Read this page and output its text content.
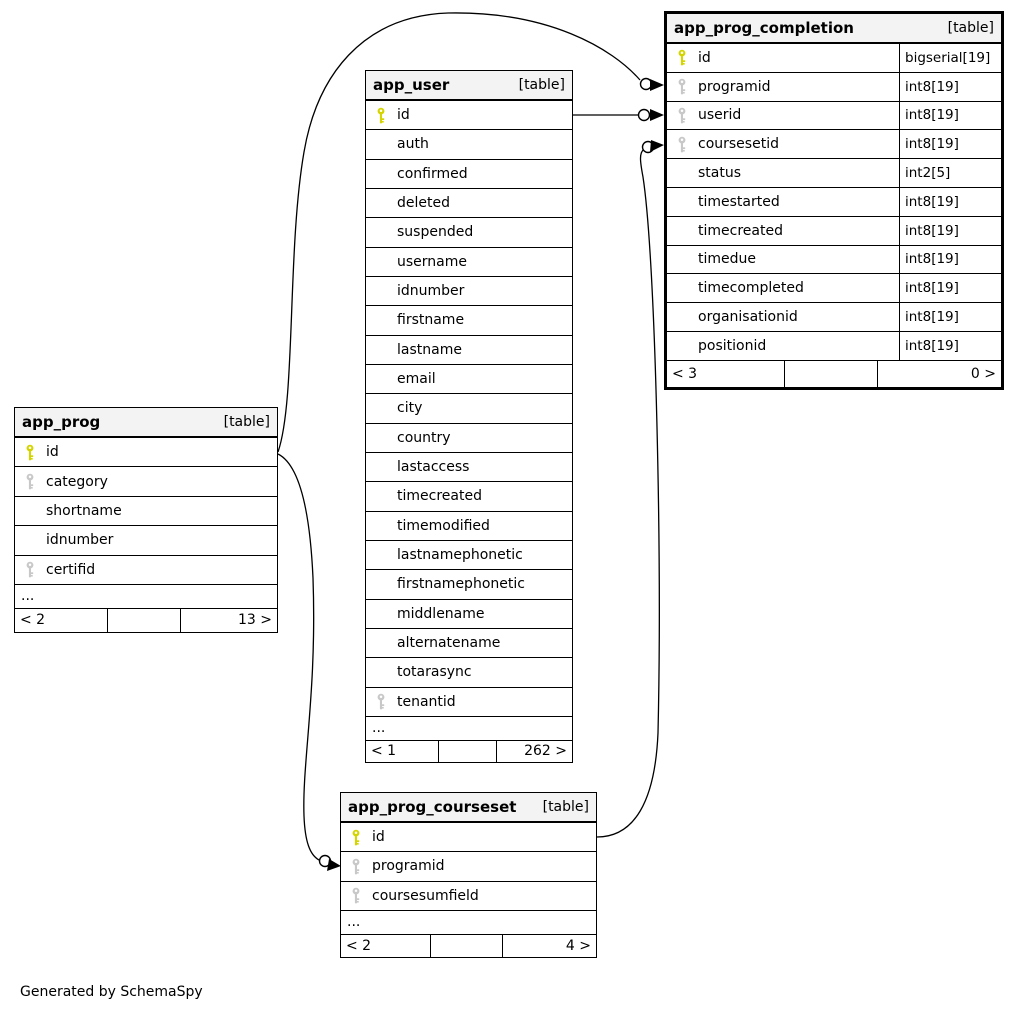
app_prog_completion	[table]
id	bigserial[19]
programid	int8[19]
userid	int8[19]
coursesetid	int8[19]
status	int2[5]
timestarted	int8[19]
timecreated	int8[19]
timedue	int8[19]
timecompleted	int8[19]
organisationid	int8[19]
positionid	int8[19]
< 3	0 >
app_user	[table]
id
auth
confirmed
deleted
suspended
username
idnumber
firstname
lastname
email
city
country
lastaccess
timecreated
timemodified
lastnamephonetic
firstnamephonetic
middlename
alternatename
totarasync
tenantid
...
< 1	262 >
app_prog	[table]
id
category
shortname
idnumber
certifid
...
< 2	13 >
app_prog_courseset [table]
id
programid
coursesumfield
...
< 2	4 >
Generated by SchemaSpy
